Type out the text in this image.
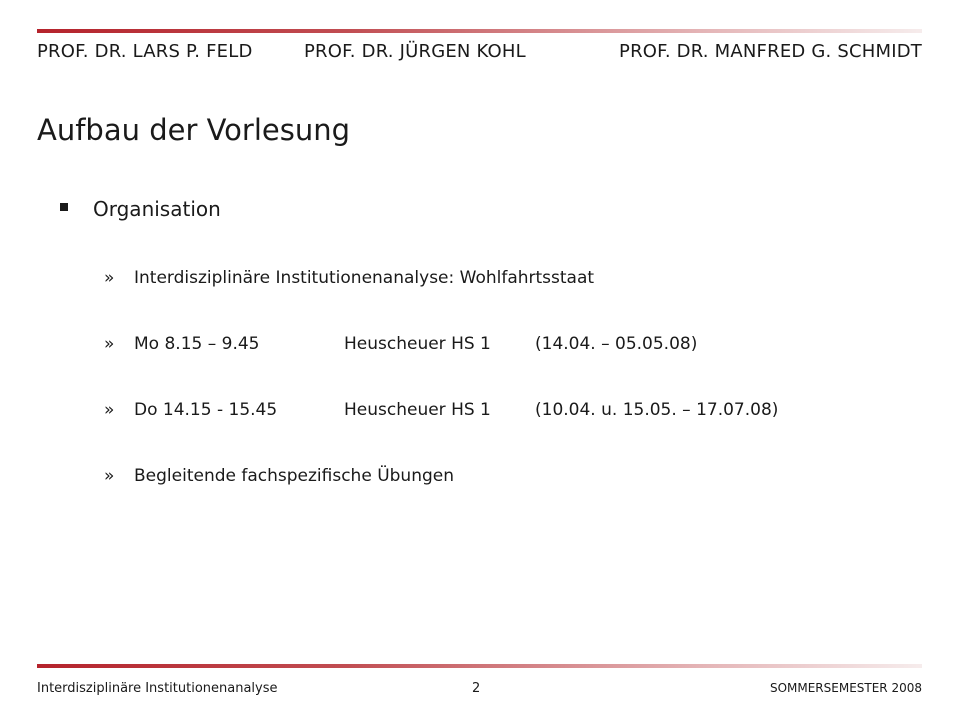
PROF. DR. LARS P. FELD	PROF. DR. JÜRGEN KOHL	PROF. DR. MANFRED G. SCHMIDT
Aufbau der Vorlesung
Organisation
» Interdisziplinäre Institutionenanalyse: Wohlfahrtsstaat
» Mo 8.15 – 9.45	Heuscheuer HS 1	(14.04. – 05.05.08)
» Do 14.15 - 15.45	Heuscheuer HS 1	(10.04. u. 15.05. – 17.07.08)
» Begleitende fachspezifische Übungen
Interdisziplinäre Institutionenanalyse	2	SOMMERSEMESTER 2008
